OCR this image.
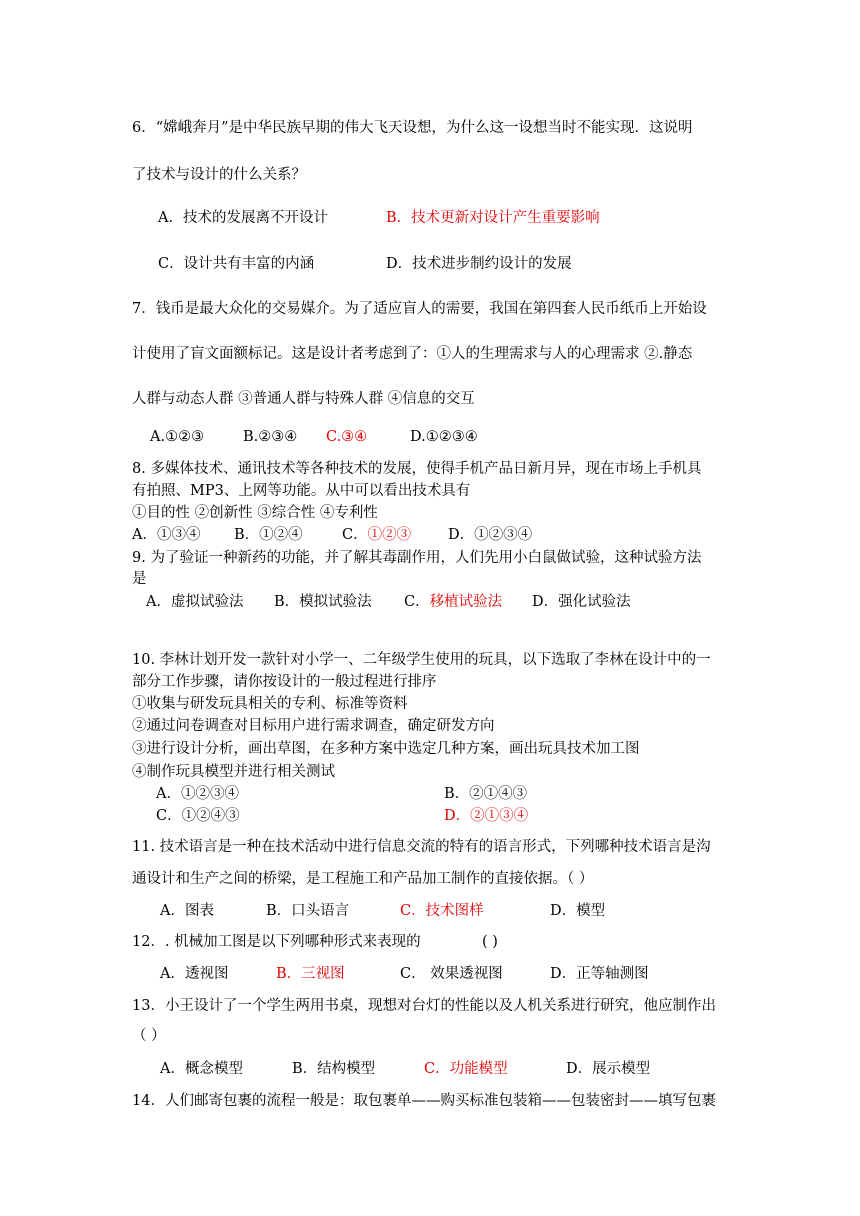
6．“嫦峨奔月”是中华民族早期的伟大飞天设想，为什么这一设想当时不能实现．这说明
了技术与设计的什么关系？
A．技术的发展离不开设计	B．技术更新对设计产生重要影响
C．设计共有丰富的内涵	D．技术进步制约设计的发展
7．钱币是最大众化的交易媒介。为了适应盲人的需要，我国在第四套人民币纸币上开始设
计使用了盲文面额标记。这是设计者考虑到了：①人的生理需求与人的心理需求 ②.静态
人群与动态人群 ③普通人群与特殊人群 ④信息的交互
A.①②③	B.②③④ C.③④	D.①②③④
8. 多媒体技术、通讯技术等各种技术的发展，使得手机产品日新月异，现在市场上手机具
有拍照、MP3、上网等功能。从中可以看出技术具有
①目的性 ②创新性 ③综合性 ④专利性
A．①③④ B．①②④	C．①②③	D．①②③④
9. 为了验证一种新药的功能，并了解其毒副作用，人们先用小白鼠做试验，这种试验方法
是
A．虚拟试验法 B．模拟试验法 C．移植试验法 D．强化试验法
10. 李林计划开发一款针对小学一、二年级学生使用的玩具，以下选取了李林在设计中的一
部分工作步骤，请你按设计的一般过程进行排序
①收集与研发玩具相关的专利、标准等资料
②通过问卷调查对目标用户进行需求调查，确定研发方向
③进行设计分析，画出草图，在多种方案中选定几种方案，画出玩具技术加工图
④制作玩具模型并进行相关测试
A．①②③④	B．②①④③
C．①②④③	D．②①③④
11. 技术语言是一种在技术活动中进行信息交流的特有的语言形式，下列哪种技术语言是沟
通设计和生产之间的桥梁，是工程施工和产品加工制作的直接依据。（ ）
A．图表	B．口头语言	C．技术图样	D．模型
12．. 机械加工图是以下列哪种形式来表现的	( )
A．透视图	B．三视图	C． 效果透视图	D．正等轴测图
13．小王设计了一个学生两用书桌，现想对台灯的性能以及人机关系进行研究，他应制作出
（ ）
A．概念模型	B．结构模型	C．功能模型	D．展示模型
14．人们邮寄包裹的流程一般是：取包裹单——购买标准包装箱——包装密封——填写包裹
